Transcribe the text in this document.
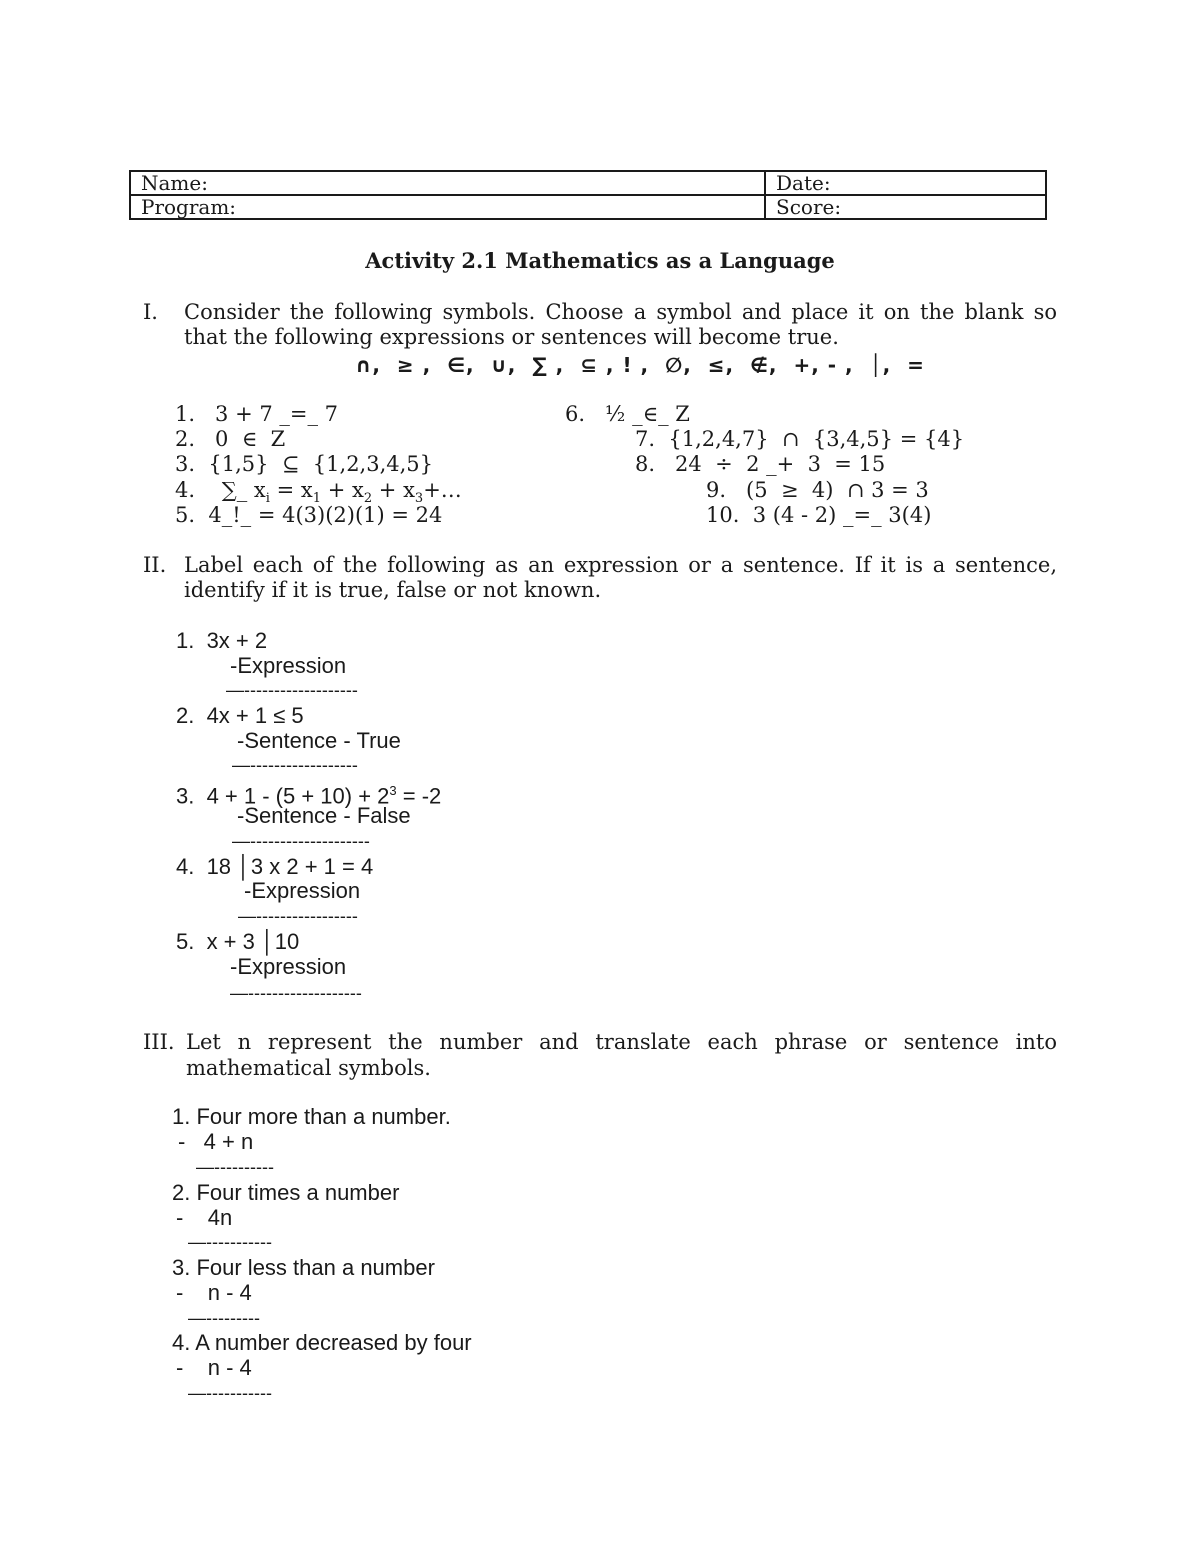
Name:	Date:
Program:	Score:
Activity 2.1 Mathematics as a Language
I. Consider the following symbols. Choose a symbol and place it on the blank so
that the following expressions or sentences will become true.
∩,  ≥ ,  ∈,  ∪,  ∑ ,  ⊆ , ! ,  ∅,  ≤,  ∉,  +, - ,  │,  =
1.   3 + 7 _=_ 7
2.   0  ∈  Z
3.  {1,5}  ⊆  {1,2,3,4,5}
4.    ∑_ $x_i = x_1 + x_2$ + $x_3+\dots$
5.  4_!_ = 4(3)(2)(1) = 24
6.   ½ _∈_ Z
7.  {1,2,4,7}  ∩  {3,4,5} = {4}
8.   24  ÷  2 _+  3  = 15
9.   (5  ≥  4)  ∩ 3 = 3
10.  3 (4 - 2) _=_ 3(4)
II. Label each of the following as an expression or a sentence. If it is a sentence,
identify if it is true, false or not known.
1.  3x + 2
-Expression
—-------------------
2.  4x + 1 ≤ 5
-Sentence - True
—------------------
3.  $4 + 1 - (5 + 10) + 2^3 = -2$
-Sentence - False
—--------------------
4.  18 │3 x 2 + 1 = 4
-Expression
—-----------------
5.  x + 3 │10
-Expression
—-------------------
III. Let n represent the number and translate each phrase or sentence into
mathematical symbols.
1. Four more than a number.
-   4 + n
—----------
2. Four times a number
-    4n
—-----------
3. Four less than a number
-    n - 4
—---------
4. A number decreased by four
-    n - 4
—-----------
